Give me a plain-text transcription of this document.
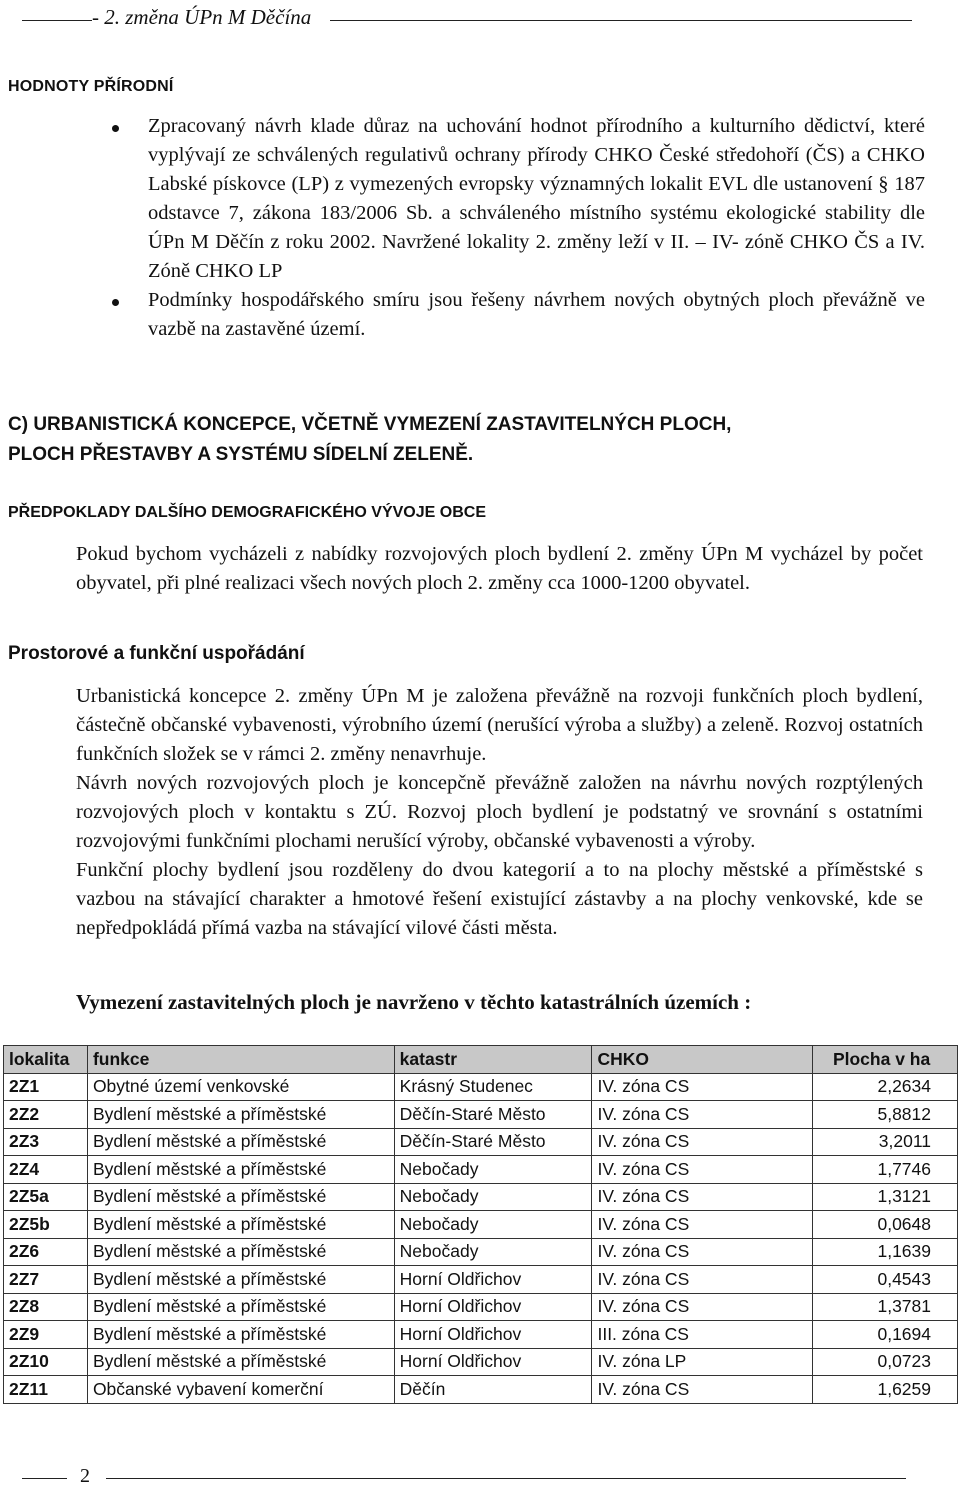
- 2. změna ÚPn M Děčína
HODNOTY PŘÍRODNÍ
Zpracovaný návrh klade důraz na uchování hodnot přírodního a kulturního dědictví, které vyplývají ze schválených regulativů ochrany přírody CHKO České středohoří (ČS) a CHKO Labské pískovce (LP) z vymezených evropsky významných lokalit EVL dle ustanovení § 187 odstavce 7, zákona 183/2006 Sb. a schváleného místního systému ekologické stability dle ÚPn M Děčín z roku 2002. Navržené lokality 2. změny leží v II. – IV- zóně CHKO ČS a IV. Zóně CHKO LP
Podmínky hospodářského smíru jsou řešeny návrhem nových obytných ploch převážně ve vazbě na zastavěné území.
C) URBANISTICKÁ KONCEPCE, VČETNĚ VYMEZENÍ ZASTAVITELNÝCH PLOCH,
PLOCH PŘESTAVBY A SYSTÉMU SÍDELNÍ ZELENĚ.
PŘEDPOKLADY DALŠÍHO DEMOGRAFICKÉHO VÝVOJE OBCE

Pokud bychom vycházeli z nabídky rozvojových ploch bydlení 2. změny ÚPn M vycházel by počet obyvatel, při plné realizaci všech nových ploch 2. změny cca 1000-1200 obyvatel.

Prostorové a funkční uspořádání

Urbanistická koncepce 2. změny ÚPn M je založena převážně na rozvoji funkčních ploch bydlení, částečně občanské vybavenosti, výrobního území (nerušící výroba a služby) a zeleně. Rozvoj ostatních funkčních složek se v rámci 2. změny nenavrhuje.

Návrh nových rozvojových ploch je koncepčně převážně založen na návrhu nových rozptýlených rozvojových ploch v kontaktu s ZÚ. Rozvoj ploch bydlení je podstatný ve srovnání s ostatními rozvojovými funkčními plochami nerušící výroby, občanské vybavenosti a výroby.

Funkční plochy bydlení jsou rozděleny do dvou kategorií a to na plochy městské a příměstské s vazbou na stávající charakter a hmotové řešení existující zástavby a na plochy venkovské, kde se nepředpokládá přímá vazba na stávající vilové části města.

Vymezení zastavitelných ploch je navrženo v těchto katastrálních územích :
lokalita	funkce	katastr	CHKO	Plocha v ha
2Z1	Obytné území venkovské	Krásný Studenec	IV. zóna CS	2,2634
2Z2	Bydlení městské a příměstské	Děčín-Staré Město	IV. zóna CS	5,8812
2Z3	Bydlení městské a příměstské	Děčín-Staré Město	IV. zóna CS	3,2011
2Z4	Bydlení městské a příměstské	Nebočady	IV. zóna CS	1,7746
2Z5a	Bydlení městské a příměstské	Nebočady	IV. zóna CS	1,3121
2Z5b	Bydlení městské a příměstské	Nebočady	IV. zóna CS	0,0648
2Z6	Bydlení městské a příměstské	Nebočady	IV. zóna CS	1,1639
2Z7	Bydlení městské a příměstské	Horní Oldřichov	IV. zóna CS	0,4543
2Z8	Bydlení městské a příměstské	Horní Oldřichov	IV. zóna CS	1,3781
2Z9	Bydlení městské a příměstské	Horní Oldřichov	III. zóna CS	0,1694
2Z10	Bydlení městské a příměstské	Horní Oldřichov	IV. zóna LP	0,0723
2Z11	Občanské vybavení komerční	Děčín	IV. zóna CS	1,6259
2
